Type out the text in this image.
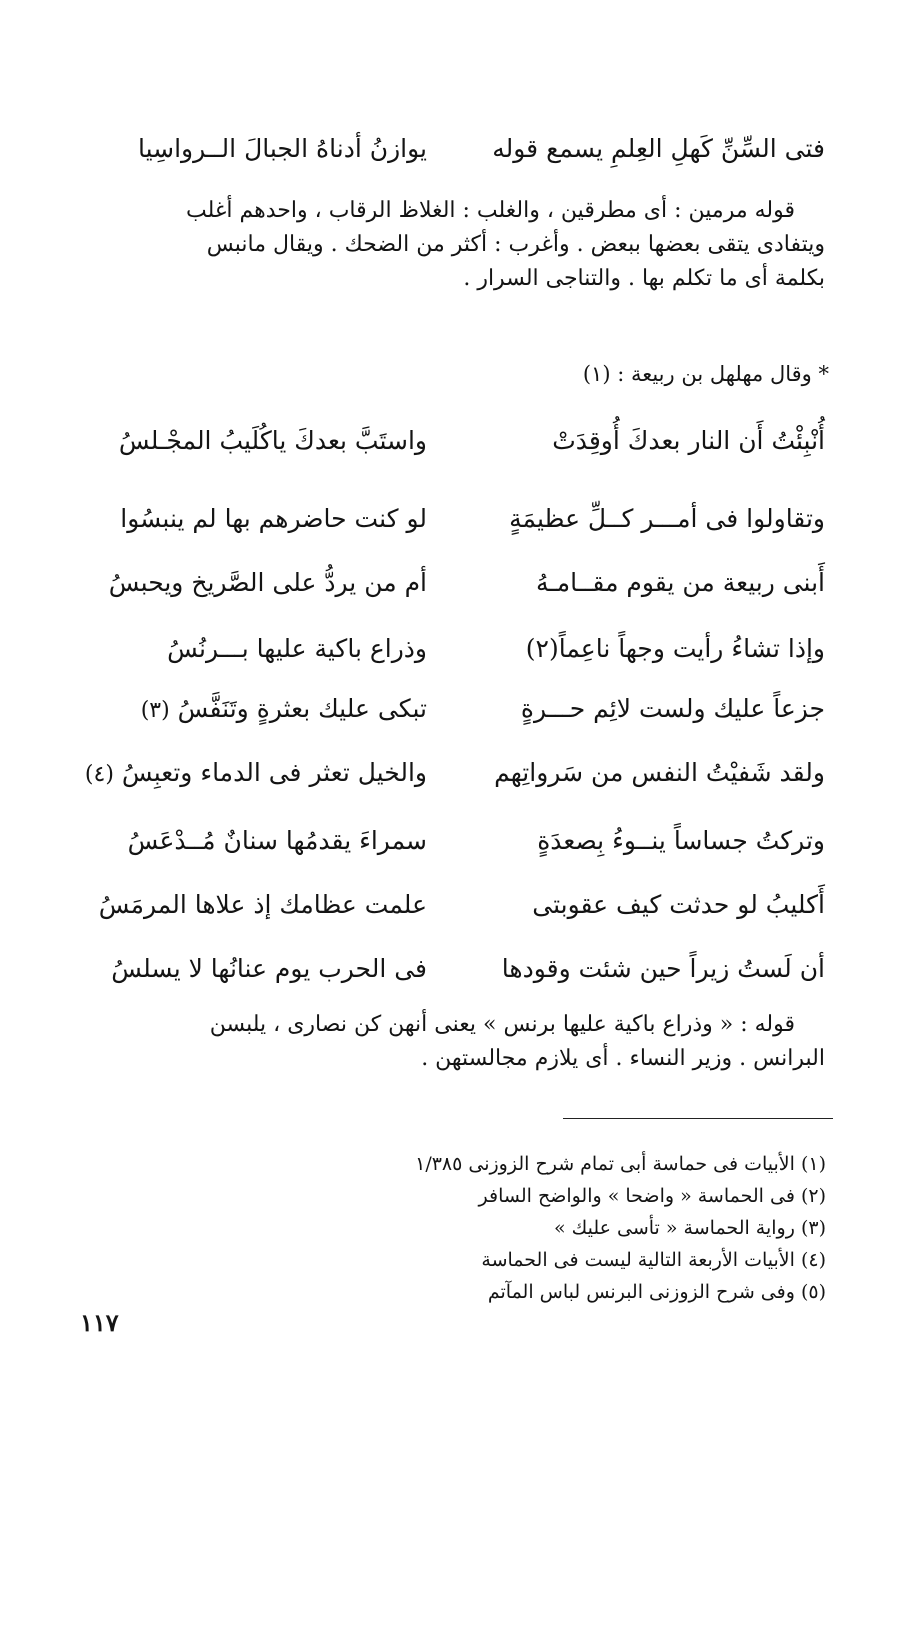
فتى السِّنِّ كَهلِ العِلمِ يسمع قوله
يوازنُ أدناهُ الجبالَ الــرواسِيا
قوله مرمين : أى مطرقين ، والغلب : الغلاظ الرقاب ، واحدهم أغلب
ويتفادى يتقى بعضها ببعض . وأغرب : أكثر من الضحك . ويقال مانبس
بكلمة أى ما تكلم بها . والتناجى السرار .
* وقال مهلهل بن ربيعة : (١)
أُنْبِئْتُ أَن النار بعدكَ أُوقِدَتْ
واستَبَّ بعدكَ ياكُلَيبُ المجْـلسُ
وتقاولوا فى أمـــر كــلِّ عظيمَةٍ
لو كنت حاضرهم بها لم ينبسُوا
أَبنى ربيعة من يقوم مقــامـهُ
أم من يردُّ على الصَّريخ ويحبسُ
وإذا تشاءُ رأيت وجهاً ناعِماً(٢)
وذراع باكية عليها بـــرنُسُ
جزعاً عليك ولست لائِم حـــرةٍ
تبكى عليك بعثرةٍ وتَنَفَّسُ (٣)
ولقد شَفيْتُ النفس من سَرواتِهم
والخيل تعثر فى الدماء وتعبِسُ (٤)
وتركتُ جساساً ينــوءُ بِصعدَةٍ
سمراءَ يقدمُها سنانٌ مُــدْعَسُ
أَكليبُ لو حدثت كيف عقوبتى
علمت عظامك إذ علاها المرمَسُ
أن لَستُ زيراً حين شئت وقودها
فى الحرب يوم عنانُها لا يسلسُ
قوله : « وذراع باكية عليها برنس » يعنى أنهن كن نصارى ، يلبسن
البرانس . وزير النساء . أى يلازم مجالستهن .
(١) الأبيات فى حماسة أبى تمام شرح الزوزنى ١/٣٨٥
(٢) فى الحماسة « واضحا » والواضح السافر
(٣) رواية الحماسة « تأسى عليك »
(٤) الأبيات الأربعة التالية ليست فى الحماسة
(٥) وفى شرح الزوزنى البرنس لباس المآتم
١١٧
